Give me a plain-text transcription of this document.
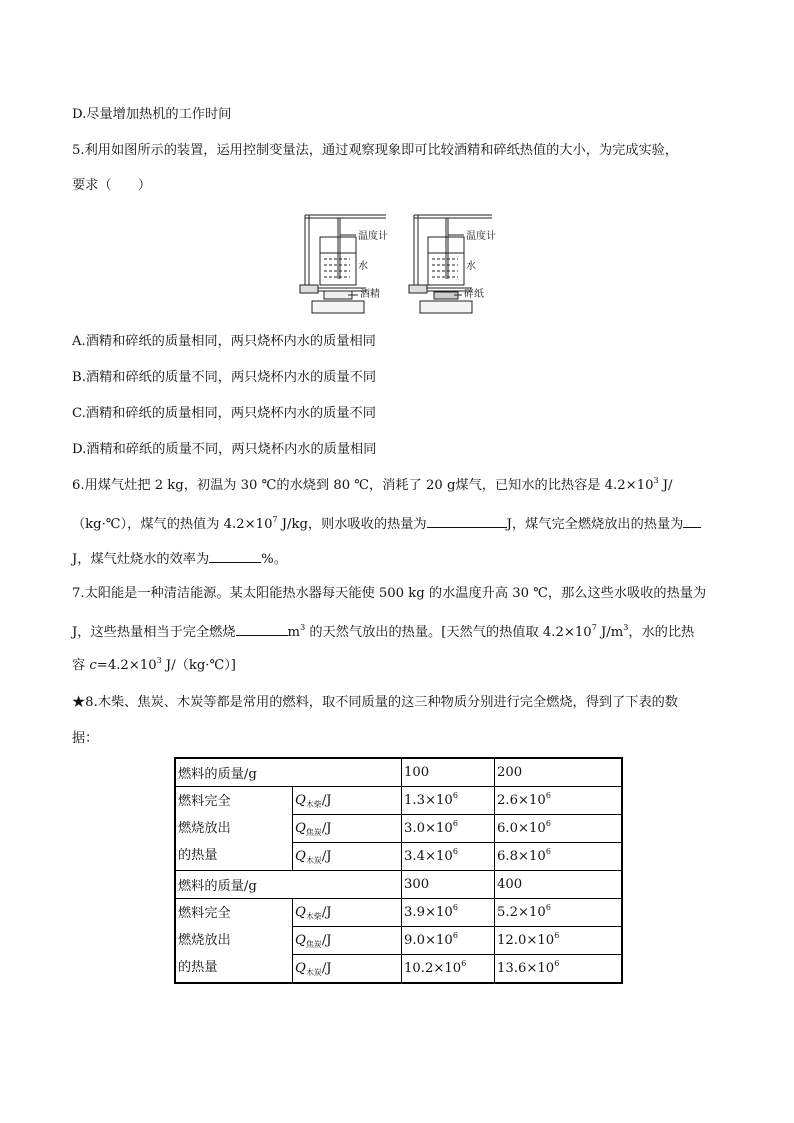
D.尽量增加热机的工作时间
5.利用如图所示的装置，运用控制变量法，通过观察现象即可比较酒精和碎纸热值的大小，为完成实验，
要求（　　）
温度计
水
酒精
温度计
水
碎纸
A.酒精和碎纸的质量相同，两只烧杯内水的质量相同
B.酒精和碎纸的质量不同，两只烧杯内水的质量不同
C.酒精和碎纸的质量相同，两只烧杯内水的质量不同
D.酒精和碎纸的质量不同，两只烧杯内水的质量相同
6.用煤气灶把 2 kg，初温为 30 ℃的水烧到 80 ℃，消耗了 20 g煤气，已知水的比热容是 $4.2\times 10^3$ J/
（kg·℃），煤气的热值为 $4.2\times 10^7$ J/kg，则水吸收的热量为	J，煤气完全燃烧放出的热量为
J，煤气灶烧水的效率为	%。
7.太阳能是一种清洁能源。某太阳能热水器每天能使 500 kg 的水温度升高 30 ℃，那么这些水吸收的热量为
J，这些热量相当于完全燃烧	$m^3$ 的天然气放出的热量。[天然气的热值取 $4.2\times 10^7$ $J/m^3$，水的比热
容 $c=4.2\times 10^3$ J/（kg·℃）]
★8.木柴、焦炭、木炭等都是常用的燃料，取不同质量的这三种物质分别进行完全燃烧，得到了下表的数
据：
燃料的质量/g		100	200

燃料完全
燃烧放出
的热量	$Q_{木柴}/J$	$1.3\times 10^6$	$2.6\times 10^6$
	$Q_{焦炭}/J$	$3.0\times 10^6$	$6.0\times 10^6$
	$Q_{木炭}/J$	$3.4\times 10^6$	$6.8\times 10^6$
燃料的质量/g		300	400

燃料完全
燃烧放出
的热量	$Q_{木柴}/J$	$3.9\times 10^6$	$5.2\times 10^6$
	$Q_{焦炭}/J$	$9.0\times 10^6$	$12.0\times 10^6$
	$Q_{木炭}/J$	$10.2\times 10^6$	$13.6\times 10^6$
